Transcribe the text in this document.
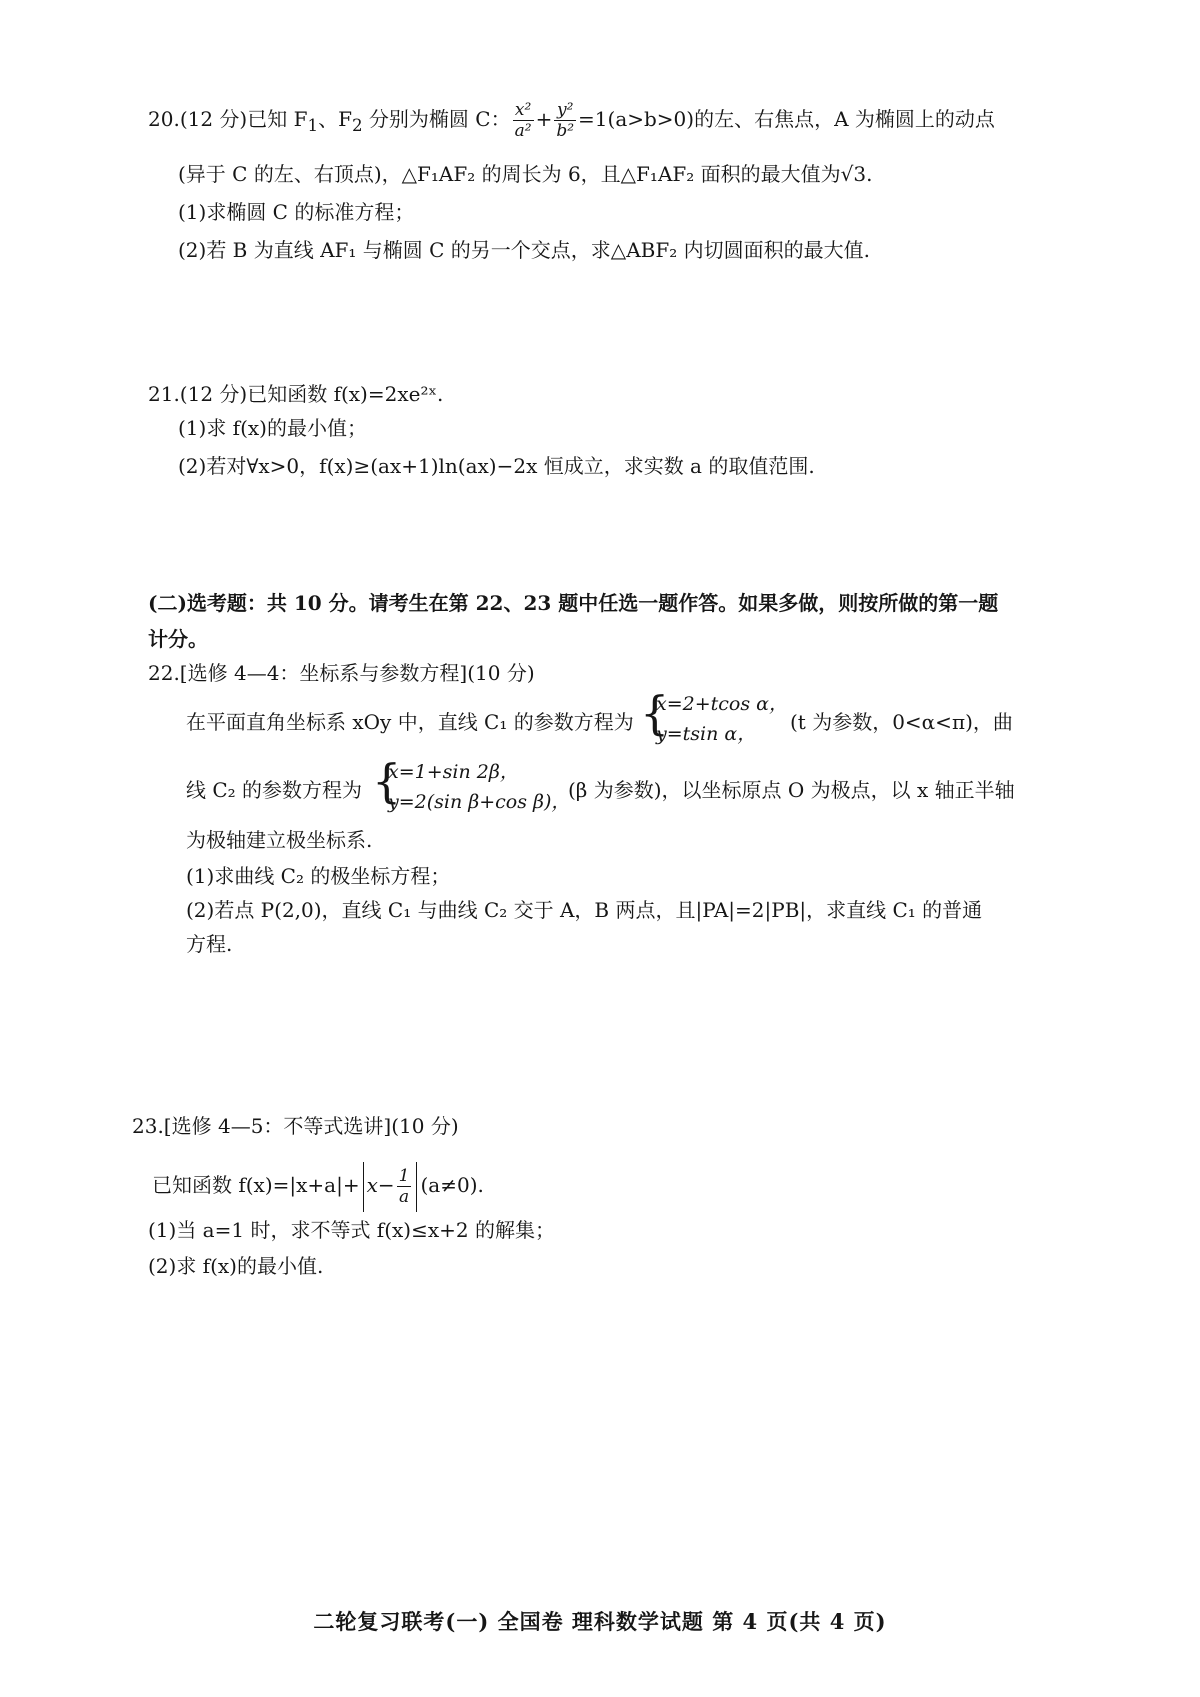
20.(12 分)已知 $F_1$、$F_2$ 分别为椭圆 C： $\frac{\text{x²}}{\text{a²}} + \frac{\text{y²}}{\text{b²}} =1(a>b>0)$的左、右焦点，A 为椭圆上的动点
(异于 C 的左、右顶点)，△F₁AF₂ 的周长为 6，且△F₁AF₂ 面积的最大值为√3.
(1)求椭圆 C 的标准方程；
(2)若 B 为直线 AF₁ 与椭圆 C 的另一个交点，求△ABF₂ 内切圆面积的最大值.
21.(12 分)已知函数 f(x)=2xe²ˣ.
(1)求 f(x)的最小值；
(2)若对∀x>0，f(x)≥(ax+1)ln(ax)−2x 恒成立，求实数 a 的取值范围.
(二)选考题：共 10 分。请考生在第 22、23 题中任选一题作答。如果多做，则按所做的第一题
计分。
22.[选修 4—4：坐标系与参数方程](10 分)
在平面直角坐标系 xOy 中，直线 C₁ 的参数方程为 {
x=2+tcos α，
y=tsin α， (t 为参数，0<α<π)，曲
线 C₂ 的参数方程为 {
x=1+sin 2β，
y=2(sin β+cos β)，
(β 为参数)，以坐标原点 O 为极点，以 x 轴正半轴
为极轴建立极坐标系.
(1)求曲线 C₂ 的极坐标方程；
(2)若点 P(2,0)，直线 C₁ 与曲线 C₂ 交于 A，B 两点，且|PA|=2|PB|，求直线 C₁ 的普通
方程.
23.[选修 4—5：不等式选讲](10 分)
已知函数 $f(x)=|x+a|+ x- \frac{1}{a} (a\ne 0)$.
(1)当 a=1 时，求不等式 f(x)≤x+2 的解集；
(2)求 f(x)的最小值.
二轮复习联考(一) 全国卷 理科数学试题 第 4 页(共 4 页)
